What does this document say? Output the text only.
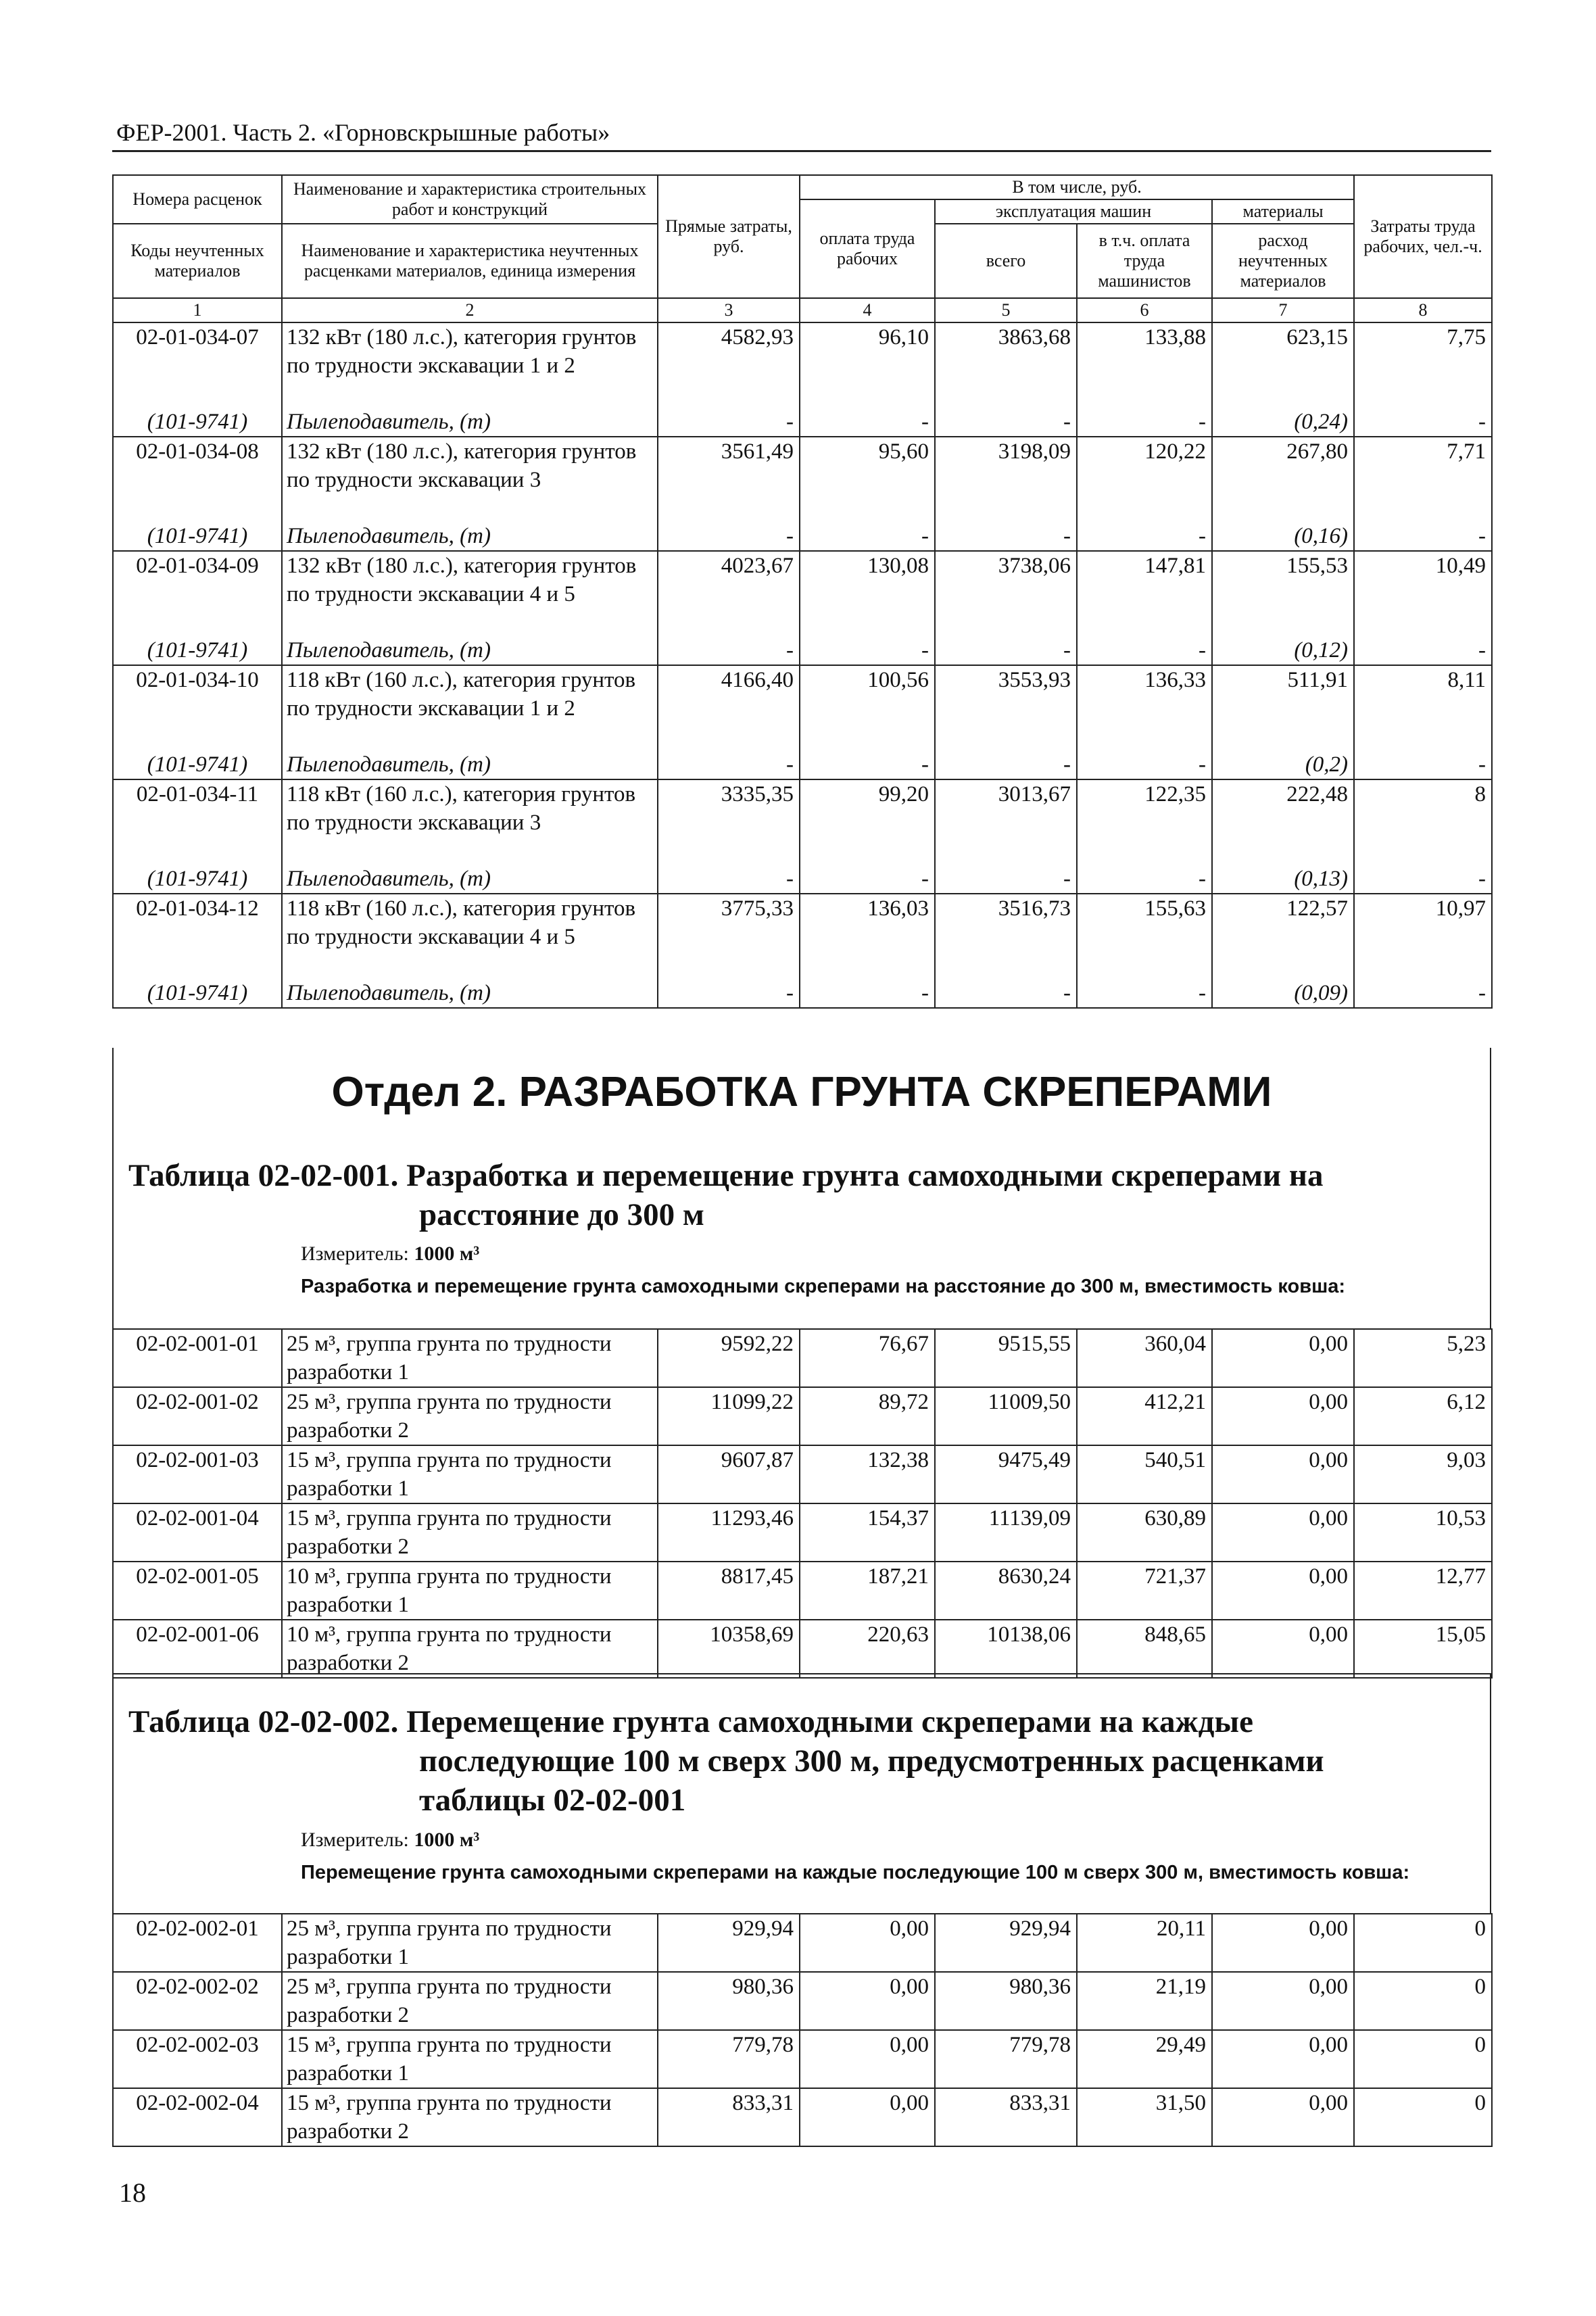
ФЕР-2001. Часть 2. «Горновскрышные работы»
Номера расценок	Наименование и характеристика строительных работ и конструкций	Прямые затраты, руб.	В том числе, руб.				Затраты труда рабочих, чел.-ч.
			оплата труда рабочих	эксплуатация машин		материалы	
Коды неучтенных материалов	Наименование и характеристика неучтенных расценками материалов, единица измерения			всего	в т.ч. оплата труда машинистов	расход неучтенных материалов	

1	2	3	4	5	6	7	8
02-01-034-07	132 кВт (180 л.с.), категория грунтов по трудности экскавации 1 и 2	4582,93	96,10	3863,68	133,88	623,15	7,75
(101-9741)	Пылеподавитель, (т)	-	-	-	-	(0,24)	-
02-01-034-08	132 кВт (180 л.с.), категория грунтов по трудности экскавации 3	3561,49	95,60	3198,09	120,22	267,80	7,71
(101-9741)	Пылеподавитель, (т)	-	-	-	-	(0,16)	-
02-01-034-09	132 кВт (180 л.с.), категория грунтов по трудности экскавации 4 и 5	4023,67	130,08	3738,06	147,81	155,53	10,49
(101-9741)	Пылеподавитель, (т)	-	-	-	-	(0,12)	-
02-01-034-10	118 кВт (160 л.с.), категория грунтов по трудности экскавации 1 и 2	4166,40	100,56	3553,93	136,33	511,91	8,11
(101-9741)	Пылеподавитель, (т)	-	-	-	-	(0,2)	-
02-01-034-11	118 кВт (160 л.с.), категория грунтов по трудности экскавации 3	3335,35	99,20	3013,67	122,35	222,48	8
(101-9741)	Пылеподавитель, (т)	-	-	-	-	(0,13)	-
02-01-034-12	118 кВт (160 л.с.), категория грунтов по трудности экскавации 4 и 5	3775,33	136,03	3516,73	155,63	122,57	10,97
(101-9741)	Пылеподавитель, (т)	-	-	-	-	(0,09)	-
Отдел 2. РАЗРАБОТКА ГРУНТА СКРЕПЕРАМИ
Таблица 02-02-001. Разработка и перемещение грунта самоходными скреперами на
расстояние до 300 м
Измеритель: 1000 м³
Разработка и перемещение грунта самоходными скреперами на расстояние до 300 м, вместимость ковша:
02-02-001-01	25 м³, группа грунта по трудности разработки 1	9592,22	76,67	9515,55	360,04	0,00	5,23
02-02-001-02	25 м³, группа грунта по трудности разработки 2	11099,22	89,72	11009,50	412,21	0,00	6,12
02-02-001-03	15 м³, группа грунта по трудности разработки 1	9607,87	132,38	9475,49	540,51	0,00	9,03
02-02-001-04	15 м³, группа грунта по трудности разработки 2	11293,46	154,37	11139,09	630,89	0,00	10,53
02-02-001-05	10 м³, группа грунта по трудности разработки 1	8817,45	187,21	8630,24	721,37	0,00	12,77
02-02-001-06	10 м³, группа грунта по трудности разработки 2	10358,69	220,63	10138,06	848,65	0,00	15,05
Таблица 02-02-002. Перемещение грунта самоходными скреперами на каждые
последующие 100 м сверх 300 м, предусмотренных расценками
таблицы 02-02-001
Измеритель: 1000 м³
Перемещение грунта самоходными скреперами на каждые последующие 100 м сверх 300 м, вместимость ковша:
02-02-002-01	25 м³, группа грунта по трудности разработки 1	929,94	0,00	929,94	20,11	0,00	0
02-02-002-02	25 м³, группа грунта по трудности разработки 2	980,36	0,00	980,36	21,19	0,00	0
02-02-002-03	15 м³, группа грунта по трудности разработки 1	779,78	0,00	779,78	29,49	0,00	0
02-02-002-04	15 м³, группа грунта по трудности разработки 2	833,31	0,00	833,31	31,50	0,00	0
18
